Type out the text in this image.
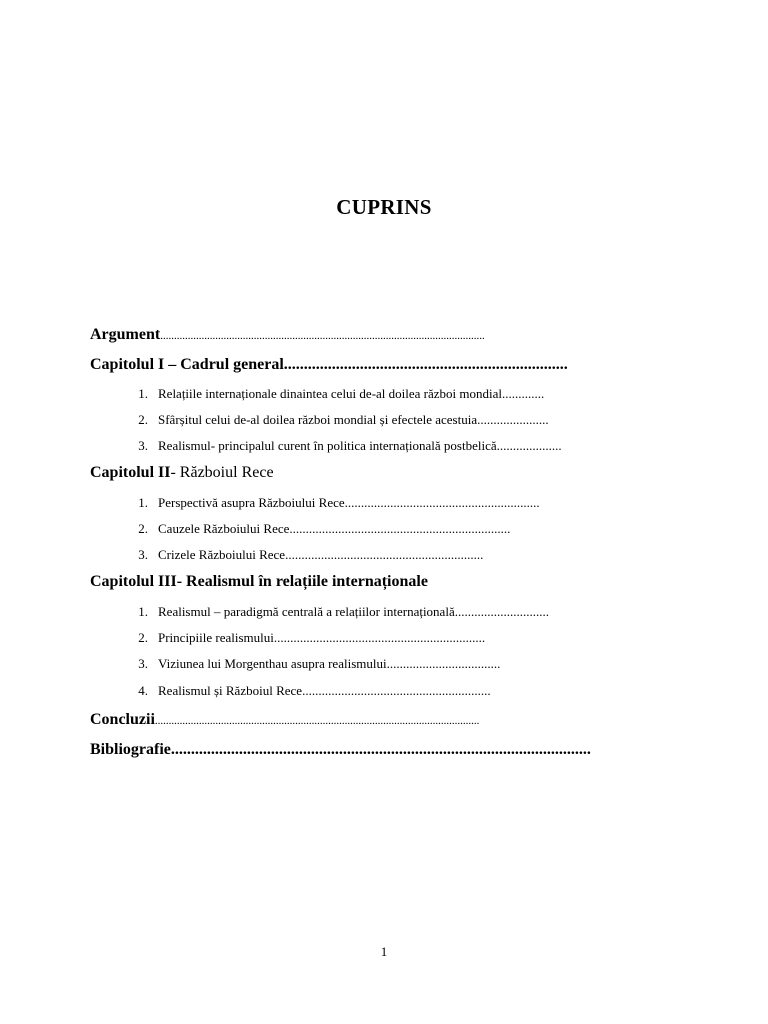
CUPRINS
Argument......................................................................................................................
Capitolul I – Cadrul general.......................................................................
1. Relațiile internaționale dinaintea celui de-al doilea război mondial.............
2. Sfârșitul celui de-al doilea război mondial și efectele acestuia......................
3. Realismul- principalul curent în politica internațională postbelică....................
Capitolul II- Războiul Rece
1. Perspectivă asupra Războiului Rece............................................................
2. Cauzele Războiului Rece....................................................................
3. Crizele Războiului Rece.............................................................
Capitolul III- Realismul în relațiile internaționale
1. Realismul – paradigmă centrală a relațiilor internațională.............................
2. Principiile realismului.................................................................
3. Viziunea lui Morgenthau asupra realismului...................................
4. Realismul și Războiul Rece..........................................................
Concluzii......................................................................................................................
Bibliografie.........................................................................................................
1
